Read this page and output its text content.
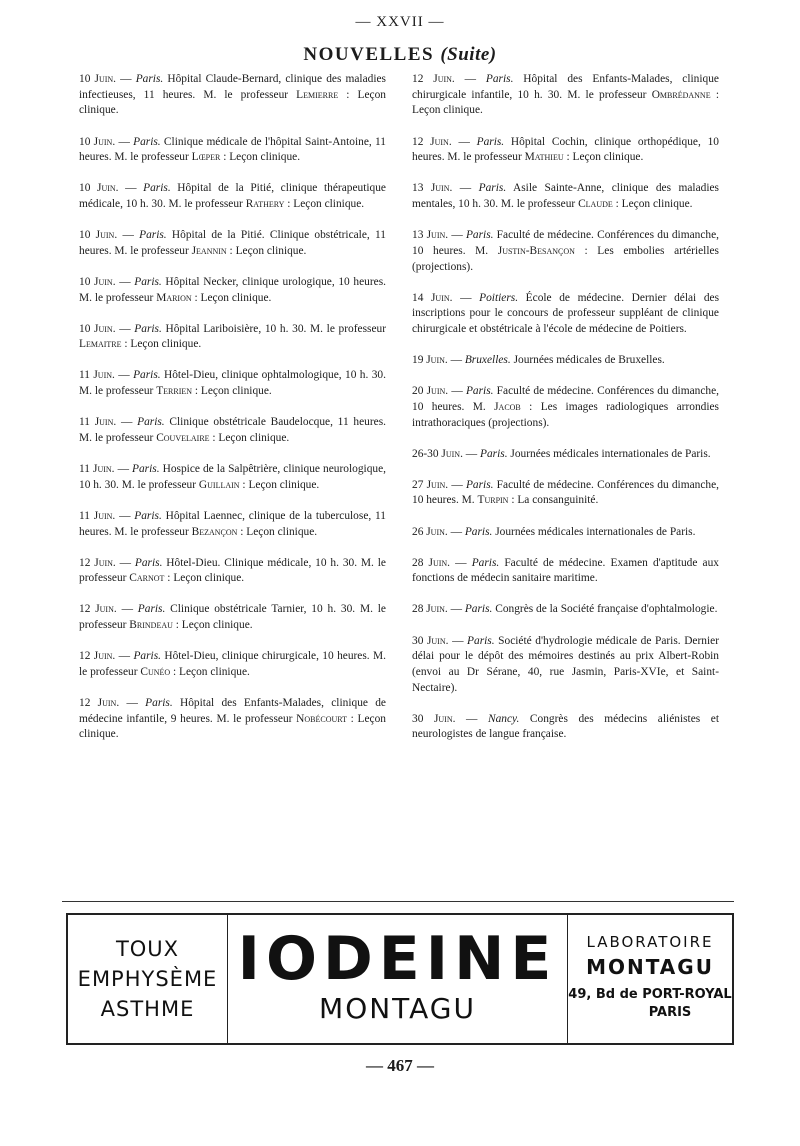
— XXVII —
NOUVELLES (Suite)

10 Juin. — Paris. Hôpital Claude-Bernard, clinique des maladies infectieuses, 11 heures. M. le professeur Lemierre : Leçon clinique.

10 Juin. — Paris. Clinique médicale de l'hôpital Saint-Antoine, 11 heures. M. le professeur Lœper : Leçon clinique.

10 Juin. — Paris. Hôpital de la Pitié, clinique thérapeutique médicale, 10 h. 30. M. le professeur Rathery : Leçon clinique.

10 Juin. — Paris. Hôpital de la Pitié. Clinique obstétricale, 11 heures. M. le professeur Jeannin : Leçon clinique.

10 Juin. — Paris. Hôpital Necker, clinique urologique, 10 heures. M. le professeur Marion : Leçon clinique.

10 Juin. — Paris. Hôpital Lariboisière, 10 h. 30. M. le professeur Lemaitre : Leçon clinique.

11 Juin. — Paris. Hôtel-Dieu, clinique ophtalmologique, 10 h. 30. M. le professeur Terrien : Leçon clinique.

11 Juin. — Paris. Clinique obstétricale Baudelocque, 11 heures. M. le professeur Couvelaire : Leçon clinique.

11 Juin. — Paris. Hospice de la Salpêtrière, clinique neurologique, 10 h. 30. M. le professeur Guillain : Leçon clinique.

11 Juin. — Paris. Hôpital Laennec, clinique de la tuberculose, 11 heures. M. le professeur Bezançon : Leçon clinique.

12 Juin. — Paris. Hôtel-Dieu. Clinique médicale, 10 h. 30. M. le professeur Carnot : Leçon clinique.

12 Juin. — Paris. Clinique obstétricale Tarnier, 10 h. 30. M. le professeur Brindeau : Leçon clinique.

12 Juin. — Paris. Hôtel-Dieu, clinique chirurgicale, 10 heures. M. le professeur Cunéo : Leçon clinique.

12 Juin. — Paris. Hôpital des Enfants-Malades, clinique de médecine infantile, 9 heures. M. le professeur Nobécourt : Leçon clinique.

12 Juin. — Paris. Hôpital des Enfants-Malades, clinique chirurgicale infantile, 10 h. 30. M. le professeur Ombrédanne : Leçon clinique.

12 Juin. — Paris. Hôpital Cochin, clinique orthopédique, 10 heures. M. le professeur Mathieu : Leçon clinique.

13 Juin. — Paris. Asile Sainte-Anne, clinique des maladies mentales, 10 h. 30. M. le professeur Claude : Leçon clinique.

13 Juin. — Paris. Faculté de médecine. Conférences du dimanche, 10 heures. M. Justin-Besançon : Les embolies artérielles (projections).

14 Juin. — Poitiers. École de médecine. Dernier délai des inscriptions pour le concours de professeur suppléant de clinique chirurgicale et obstétricale à l'école de médecine de Poitiers.

19 Juin. — Bruxelles. Journées médicales de Bruxelles.

20 Juin. — Paris. Faculté de médecine. Conférences du dimanche, 10 heures. M. Jacob : Les images radiologiques arrondies intrathoraciques (projections).

26-30 Juin. — Paris. Journées médicales internationales de Paris.

27 Juin. — Paris. Faculté de médecine. Conférences du dimanche, 10 heures. M. Turpin : La consanguinité.

26 Juin. — Paris. Journées médicales internationales de Paris.

28 Juin. — Paris. Faculté de médecine. Examen d'aptitude aux fonctions de médecin sanitaire maritime.

28 Juin. — Paris. Congrès de la Société française d'ophtalmologie.

30 Juin. — Paris. Société d'hydrologie médicale de Paris. Dernier délai pour le dépôt des mémoires destinés au prix Albert-Robin (envoi au Dr Sérane, 40, rue Jasmin, Paris-XVIe, et Saint-Nectaire).

30 Juin. — Nancy. Congrès des médecins aliénistes et neurologistes de langue française.

TOUX
EMPHYSÈME
ASTHME
IODEINE
MONTAGU
LABORATOIRE
MONTAGU
49, Bd de PORT-ROYAL
PARIS
— 467 —
